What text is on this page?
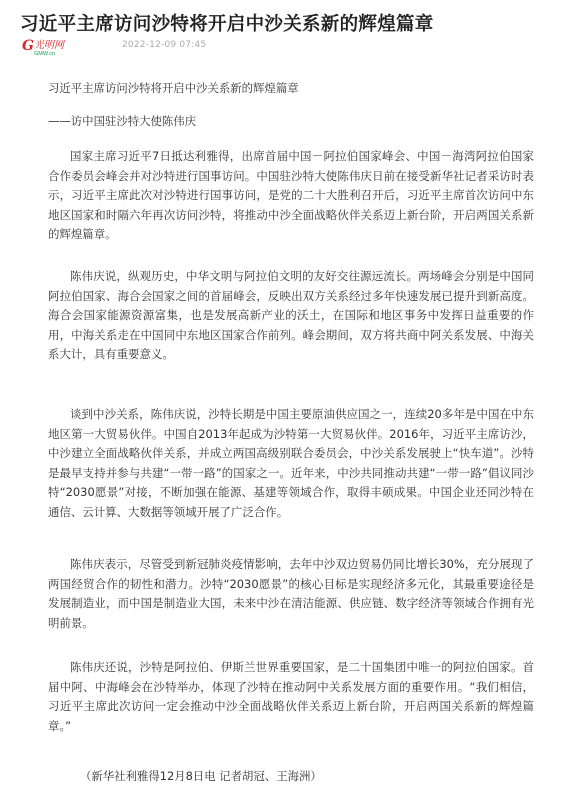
习近平主席访问沙特将开启中沙关系新的辉煌篇章
G 光明网
GMW.cn
2022-12-09 07:45
习近平主席访问沙特将开启中沙关系新的辉煌篇章
——访中国驻沙特大使陈伟庆
国家主席习近平7日抵达利雅得，出席首届中国－阿拉伯国家峰会、中国－海湾阿拉伯国家合作委员会峰会并对沙特进行国事访问。中国驻沙特大使陈伟庆日前在接受新华社记者采访时表示，习近平主席此次对沙特进行国事访问，是党的二十大胜利召开后，习近平主席首次访问中东地区国家和时隔六年再次访问沙特，将推动中沙全面战略伙伴关系迈上新台阶，开启两国关系新的辉煌篇章。
陈伟庆说，纵观历史，中华文明与阿拉伯文明的友好交往源远流长。两场峰会分别是中国同阿拉伯国家、海合会国家之间的首届峰会，反映出双方关系经过多年快速发展已提升到新高度。海合会国家能源资源富集，也是发展高新产业的沃土，在国际和地区事务中发挥日益重要的作用，中海关系走在中国同中东地区国家合作前列。峰会期间，双方将共商中阿关系发展、中海关系大计，具有重要意义。
谈到中沙关系，陈伟庆说，沙特长期是中国主要原油供应国之一，连续20多年是中国在中东地区第一大贸易伙伴。中国自2013年起成为沙特第一大贸易伙伴。2016年，习近平主席访沙，中沙建立全面战略伙伴关系，并成立两国高级别联合委员会，中沙关系发展驶上“快车道”。沙特是最早支持并参与共建“一带一路”的国家之一。近年来，中沙共同推动共建“一带一路”倡议同沙特“2030愿景”对接，不断加强在能源、基建等领域合作，取得丰硕成果。中国企业还同沙特在通信、云计算、大数据等领域开展了广泛合作。
陈伟庆表示，尽管受到新冠肺炎疫情影响，去年中沙双边贸易仍同比增长30%，充分展现了两国经贸合作的韧性和潜力。沙特“2030愿景”的核心目标是实现经济多元化，其最重要途径是发展制造业，而中国是制造业大国，未来中沙在清洁能源、供应链、数字经济等领域合作拥有光明前景。
陈伟庆还说，沙特是阿拉伯、伊斯兰世界重要国家，是二十国集团中唯一的阿拉伯国家。首届中阿、中海峰会在沙特举办，体现了沙特在推动阿中关系发展方面的重要作用。“我们相信，习近平主席此次访问一定会推动中沙全面战略伙伴关系迈上新台阶，开启两国关系新的辉煌篇章。”
（新华社利雅得12月8日电 记者胡冠、王海洲）
